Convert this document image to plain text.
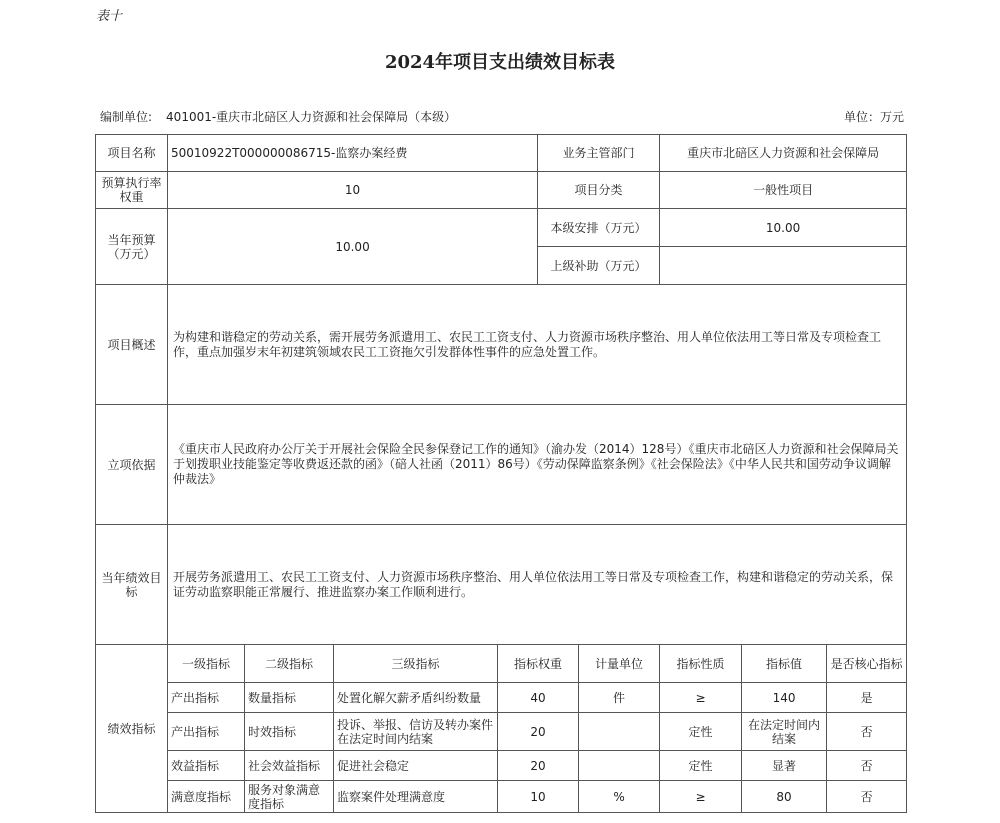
表十
2024年项目支出绩效目标表
编制单位: 401001-重庆市北碚区人力资源和社会保障局（本级）	单位：万元
项目名称	50010922T000000086715-监察办案经费				业务主管部门		重庆市北碚区人力资源和社会保障局		
预算执行率权重	10				项目分类		一般性项目		
当年预算（万元）	10.00				本级安排（万元）		10.00		
					上级补助（万元）				
项目概述	为构建和谐稳定的劳动关系，需开展劳务派遣用工、农民工工资支付、人力资源市场秩序整治、用人单位依法用工等日常及专项检查工作，重点加强岁末年初建筑领域农民工工资拖欠引发群体性事件的应急处置工作。								
立项依据	《重庆市人民政府办公厅关于开展社会保险全民参保登记工作的通知》（渝办发（2014）128号）《重庆市北碚区人力资源和社会保障局关于划拨职业技能鉴定等收费返还款的函》（碚人社函（2011）86号）《劳动保障监察条例》《社会保险法》《中华人民共和国劳动争议调解仲裁法》								
当年绩效目标	开展劳务派遣用工、农民工工资支付、人力资源市场秩序整治、用人单位依法用工等日常及专项检查工作，构建和谐稳定的劳动关系，保证劳动监察职能正常履行、推进监察办案工作顺利进行。								
绩效指标	一级指标	二级指标	三级指标	指标权重		计量单位	指标性质	指标值	是否核心指标
	产出指标	数量指标	处置化解欠薪矛盾纠纷数量	40		件	≥	140	是
	产出指标	时效指标	投诉、举报、信访及转办案件在法定时间内结案	20			定性	在法定时间内结案	否
	效益指标	社会效益指标	促进社会稳定	20			定性	显著	否
	满意度指标	服务对象满意度指标	监察案件处理满意度	10		%	≥	80	否
